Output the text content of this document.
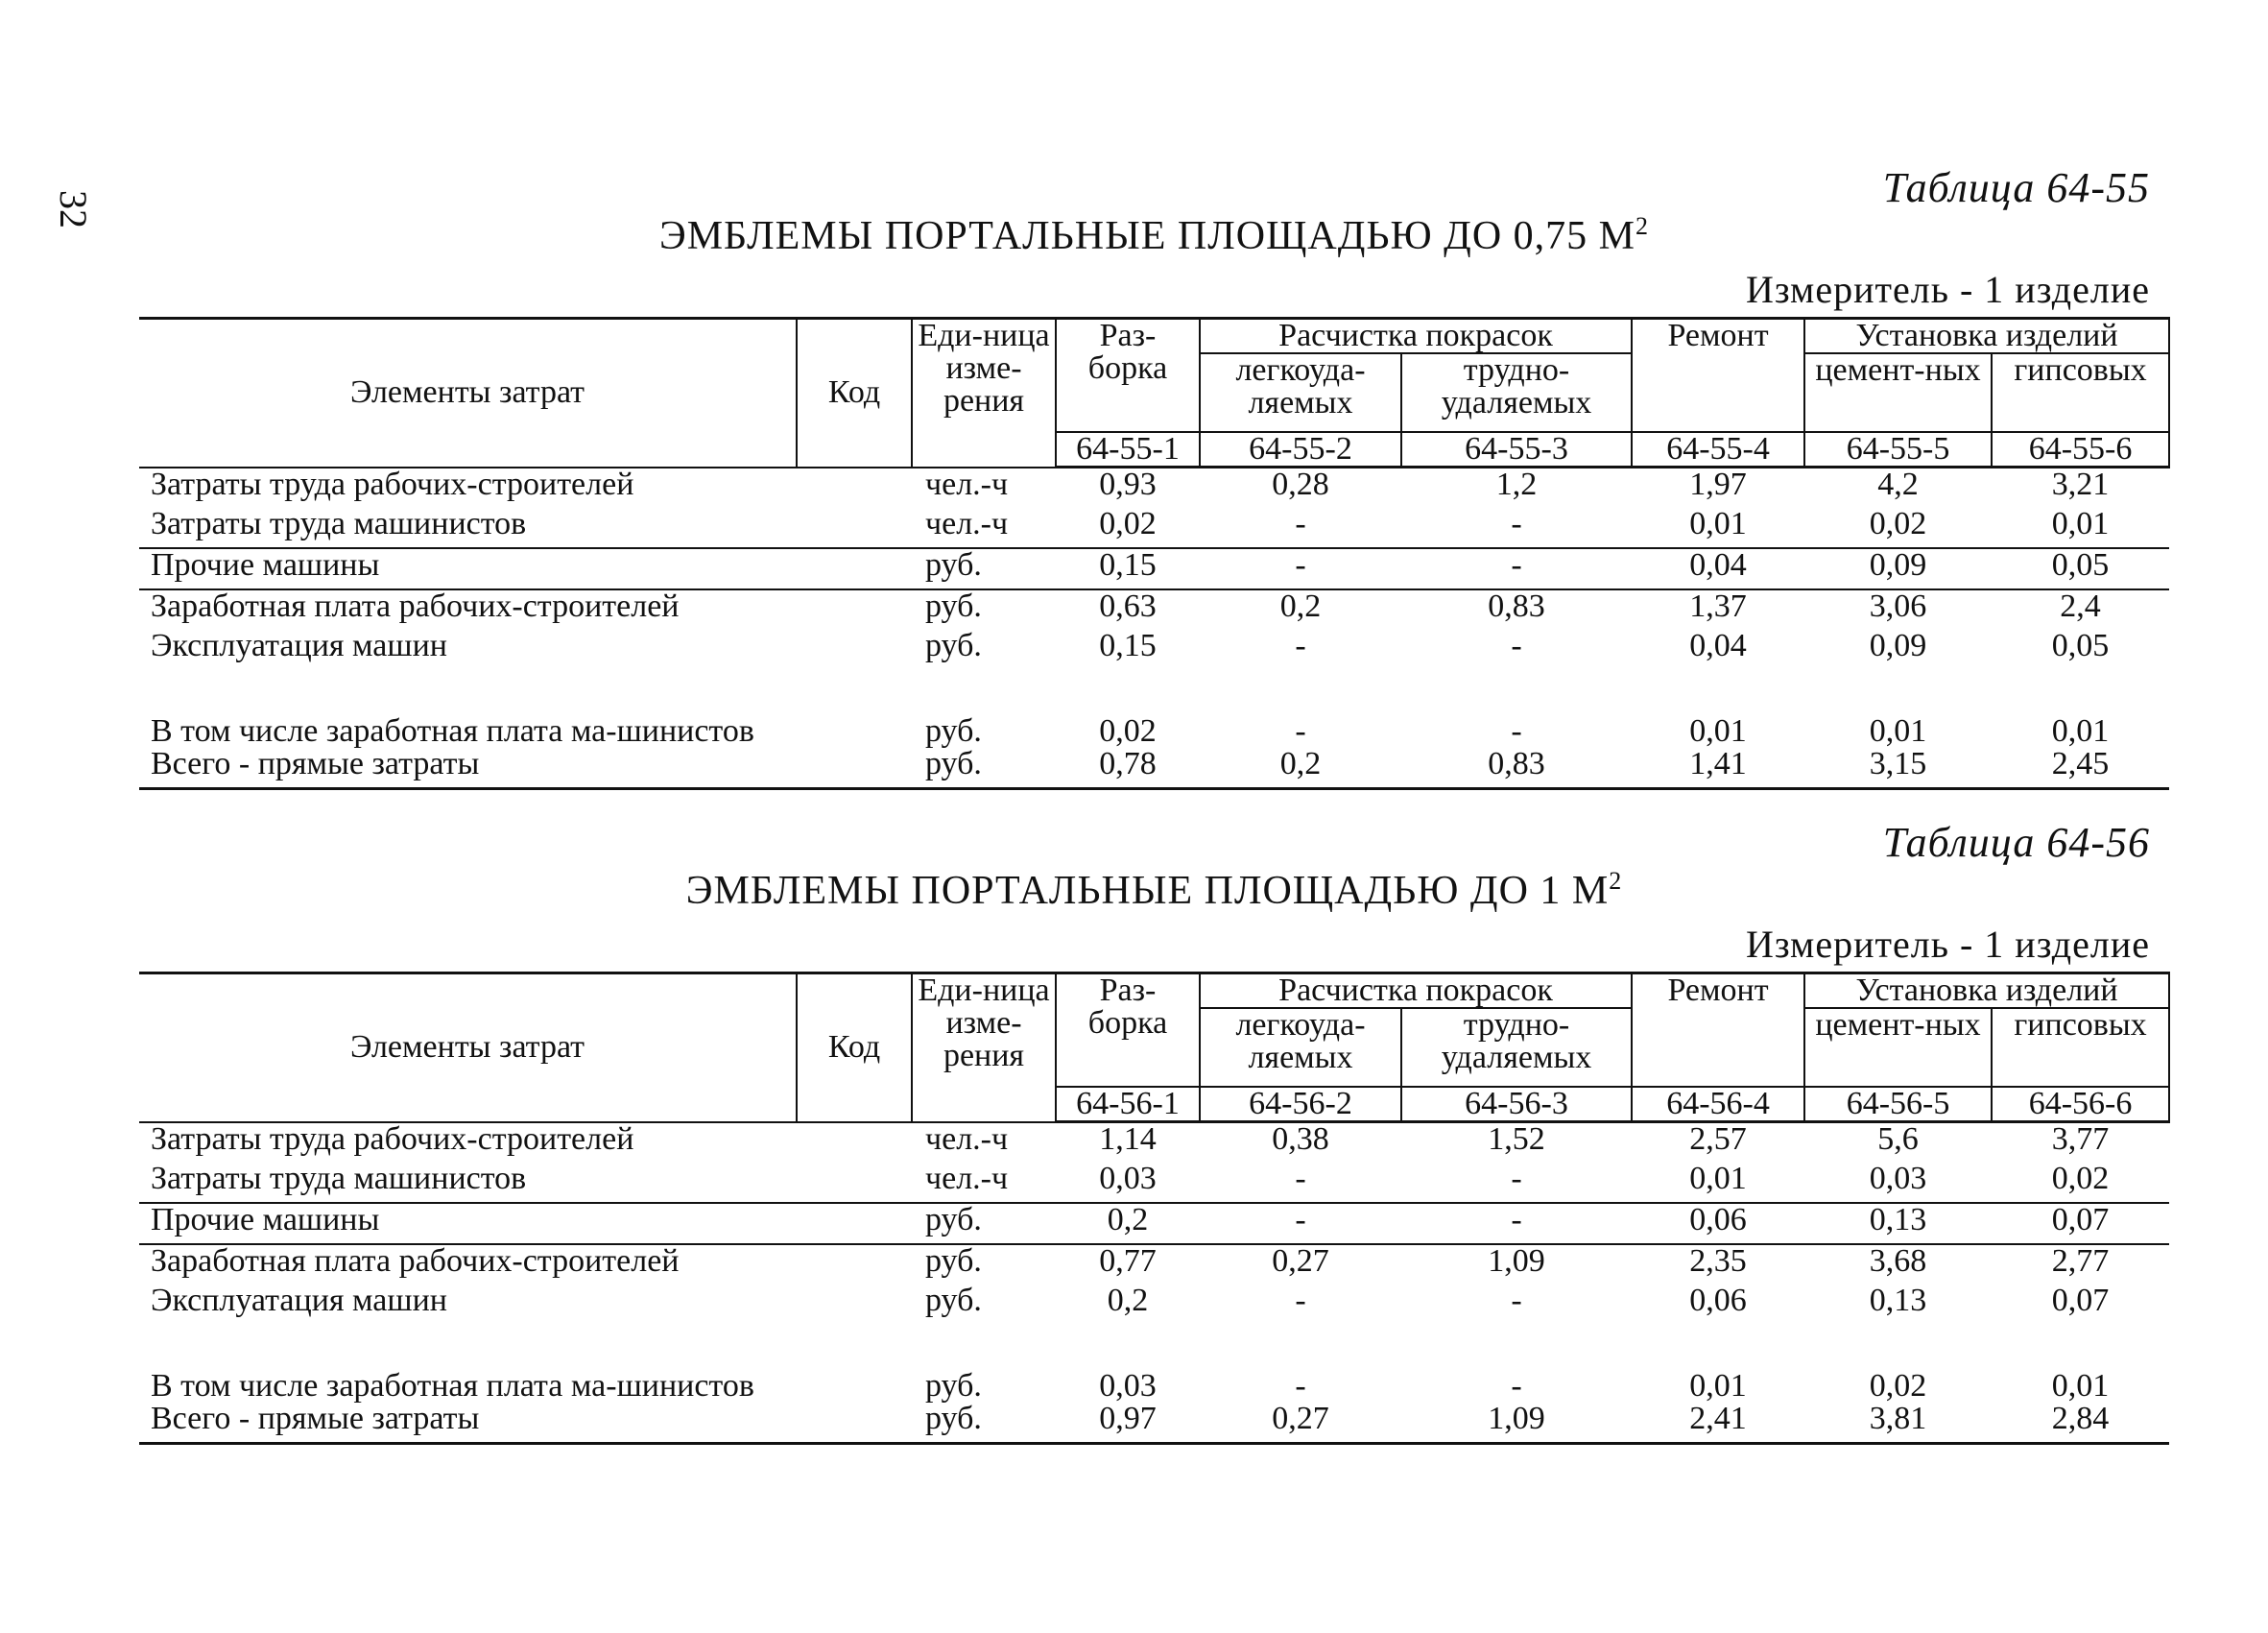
32	Таблица 64-55
ЭМБЛЕМЫ ПОРТАЛЬНЫЕ ПЛОЩАДЬЮ ДО 0,75 $М^2$
Измеритель - 1 изделие
Элементы затрат	Код	Еди-ница изме-рения	Раз-борка	Расчистка покрасок		Ремонт	Установка изделий	
				легкоуда-ляемых	трудно-удаляемых		цемент-ных	гипсовых
			64-55-1	64-55-2	64-55-3	64-55-4	64-55-5	64-55-6
Затраты труда рабочих-строителей		чел.-ч	0,93	0,28	1,2	1,97	4,2	3,21
Затраты труда машинистов		чел.-ч	0,02	-	-	0,01	0,02	0,01
Прочие машины		руб.	0,15	-	-	0,04	0,09	0,05
Заработная плата рабочих-строителей		руб.	0,63	0,2	0,83	1,37	3,06	2,4
Эксплуатация машин		руб.	0,15	-	-	0,04	0,09	0,05
В том числе заработная плата ма-шинистов		руб.	0,02	-	-	0,01	0,01	0,01
Всего - прямые затраты		руб.	0,78	0,2	0,83	1,41	3,15	2,45
Таблица 64-56
ЭМБЛЕМЫ ПОРТАЛЬНЫЕ ПЛОЩАДЬЮ ДО 1 $М^2$
Измеритель - 1 изделие
Элементы затрат	Код	Еди-ница изме-рения	Раз-борка	Расчистка покрасок		Ремонт	Установка изделий	
				легкоуда-ляемых	трудно-удаляемых		цемент-ных	гипсовых
			64-56-1	64-56-2	64-56-3	64-56-4	64-56-5	64-56-6
Затраты труда рабочих-строителей		чел.-ч	1,14	0,38	1,52	2,57	5,6	3,77
Затраты труда машинистов		чел.-ч	0,03	-	-	0,01	0,03	0,02
Прочие машины		руб.	0,2	-	-	0,06	0,13	0,07
Заработная плата рабочих-строителей		руб.	0,77	0,27	1,09	2,35	3,68	2,77
Эксплуатация машин		руб.	0,2	-	-	0,06	0,13	0,07
В том числе заработная плата ма-шинистов		руб.	0,03	-	-	0,01	0,02	0,01
Всего - прямые затраты		руб.	0,97	0,27	1,09	2,41	3,81	2,84
